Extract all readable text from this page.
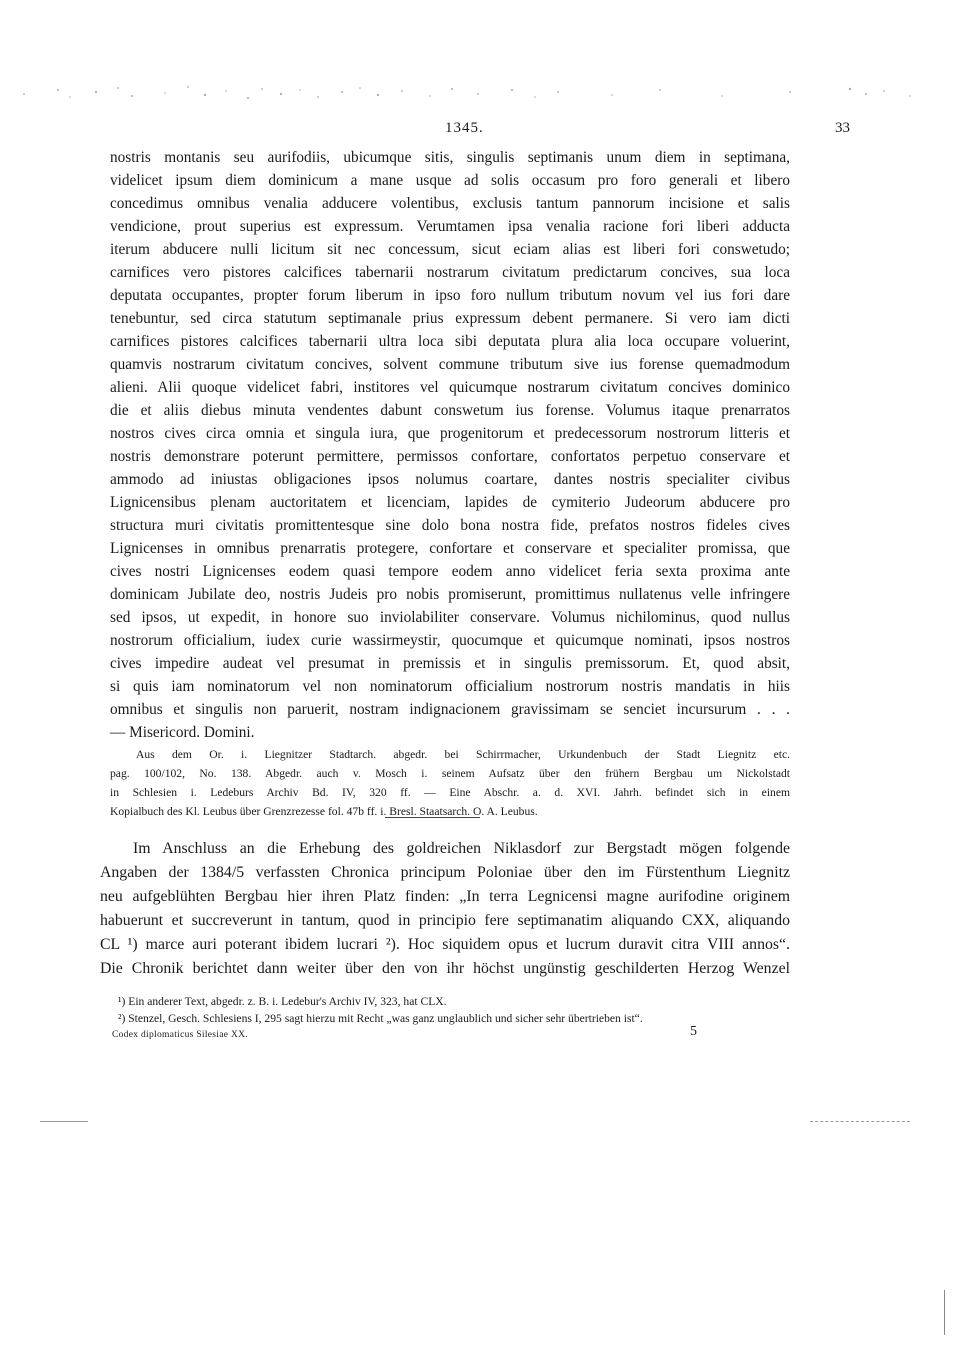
1345.	33
nostris montanis seu aurifodiis, ubicumque sitis, singulis septimanis unum diem in septimana,
videlicet ipsum diem dominicum a mane usque ad solis occasum pro foro generali et libero
concedimus omnibus venalia adducere volentibus, exclusis tantum pannorum incisione et salis
vendicione, prout superius est expressum. Verumtamen ipsa venalia racione fori liberi adducta
iterum abducere nulli licitum sit nec concessum, sicut eciam alias est liberi fori conswetudo;
carnifices vero pistores calcifices tabernarii nostrarum civitatum predictarum concives, sua loca
deputata occupantes, propter forum liberum in ipso foro nullum tributum novum vel ius fori dare
tenebuntur, sed circa statutum septimanale prius expressum debent permanere. Si vero iam dicti
carnifices pistores calcifices tabernarii ultra loca sibi deputata plura alia loca occupare voluerint,
quamvis nostrarum civitatum concives, solvent commune tributum sive ius forense quemadmodum
alieni. Alii quoque videlicet fabri, institores vel quicumque nostrarum civitatum concives dominico
die et aliis diebus minuta vendentes dabunt conswetum ius forense. Volumus itaque prenarratos
nostros cives circa omnia et singula iura, que progenitorum et predecessorum nostrorum litteris et
nostris demonstrare poterunt permittere, permissos confortare, confortatos perpetuo conservare et
ammodo ad iniustas obligaciones ipsos nolumus coartare, dantes nostris specialiter civibus
Lignicensibus plenam auctoritatem et licenciam, lapides de cymiterio Judeorum abducere pro
structura muri civitatis promittentesque sine dolo bona nostra fide, prefatos nostros fideles cives
Lignicenses in omnibus prenarratis protegere, confortare et conservare et specialiter promissa, que
cives nostri Lignicenses eodem quasi tempore eodem anno videlicet feria sexta proxima ante
dominicam Jubilate deo, nostris Judeis pro nobis promiserunt, promittimus nullatenus velle infringere
sed ipsos, ut expedit, in honore suo inviolabiliter conservare. Volumus nichilominus, quod nullus
nostrorum officialium, iudex curie wassirmeystir, quocumque et quicumque nominati, ipsos nostros
cives impedire audeat vel presumat in premissis et in singulis premissorum. Et, quod absit,
si quis iam nominatorum vel non nominatorum officialium nostrorum nostris mandatis in hiis
omnibus et singulis non paruerit, nostram indignacionem gravissimam se senciet incursurum . . .
— Misericord. Domini.
Aus dem Or. i. Liegnitzer Stadtarch. abgedr. bei Schirrmacher, Urkundenbuch der Stadt Liegnitz etc.
pag. 100/102, No. 138. Abgedr. auch v. Mosch i. seinem Aufsatz über den frühern Bergbau um Nickolstadt
in Schlesien i. Ledeburs Archiv Bd. IV, 320 ff. — Eine Abschr. a. d. XVI. Jahrh. befindet sich in einem
Kopialbuch des Kl. Leubus über Grenzrezesse fol. 47b ff. i. Bresl. Staatsarch. O. A. Leubus.
Im Anschluss an die Erhebung des goldreichen Niklasdorf zur Bergstadt mögen folgende
Angaben der 1384/5 verfassten Chronica principum Poloniae über den im Fürstenthum Liegnitz
neu aufgeblühten Bergbau hier ihren Platz finden: „In terra Legnicensi magne aurifodine originem
habuerunt et succreverunt in tantum, quod in principio fere septimanatim aliquando CXX, aliquando
CL ¹) marce auri poterant ibidem lucrari ²). Hoc siquidem opus et lucrum duravit citra VIII annos“.
Die Chronik berichtet dann weiter über den von ihr höchst ungünstig geschilderten Herzog Wenzel
¹) Ein anderer Text, abgedr. z. B. i. Ledebur's Archiv IV, 323, hat CLX.
²) Stenzel, Gesch. Schlesiens I, 295 sagt hierzu mit Recht „was ganz unglaublich und sicher sehr übertrieben ist“.
Codex diplomaticus Silesiae XX.	5
